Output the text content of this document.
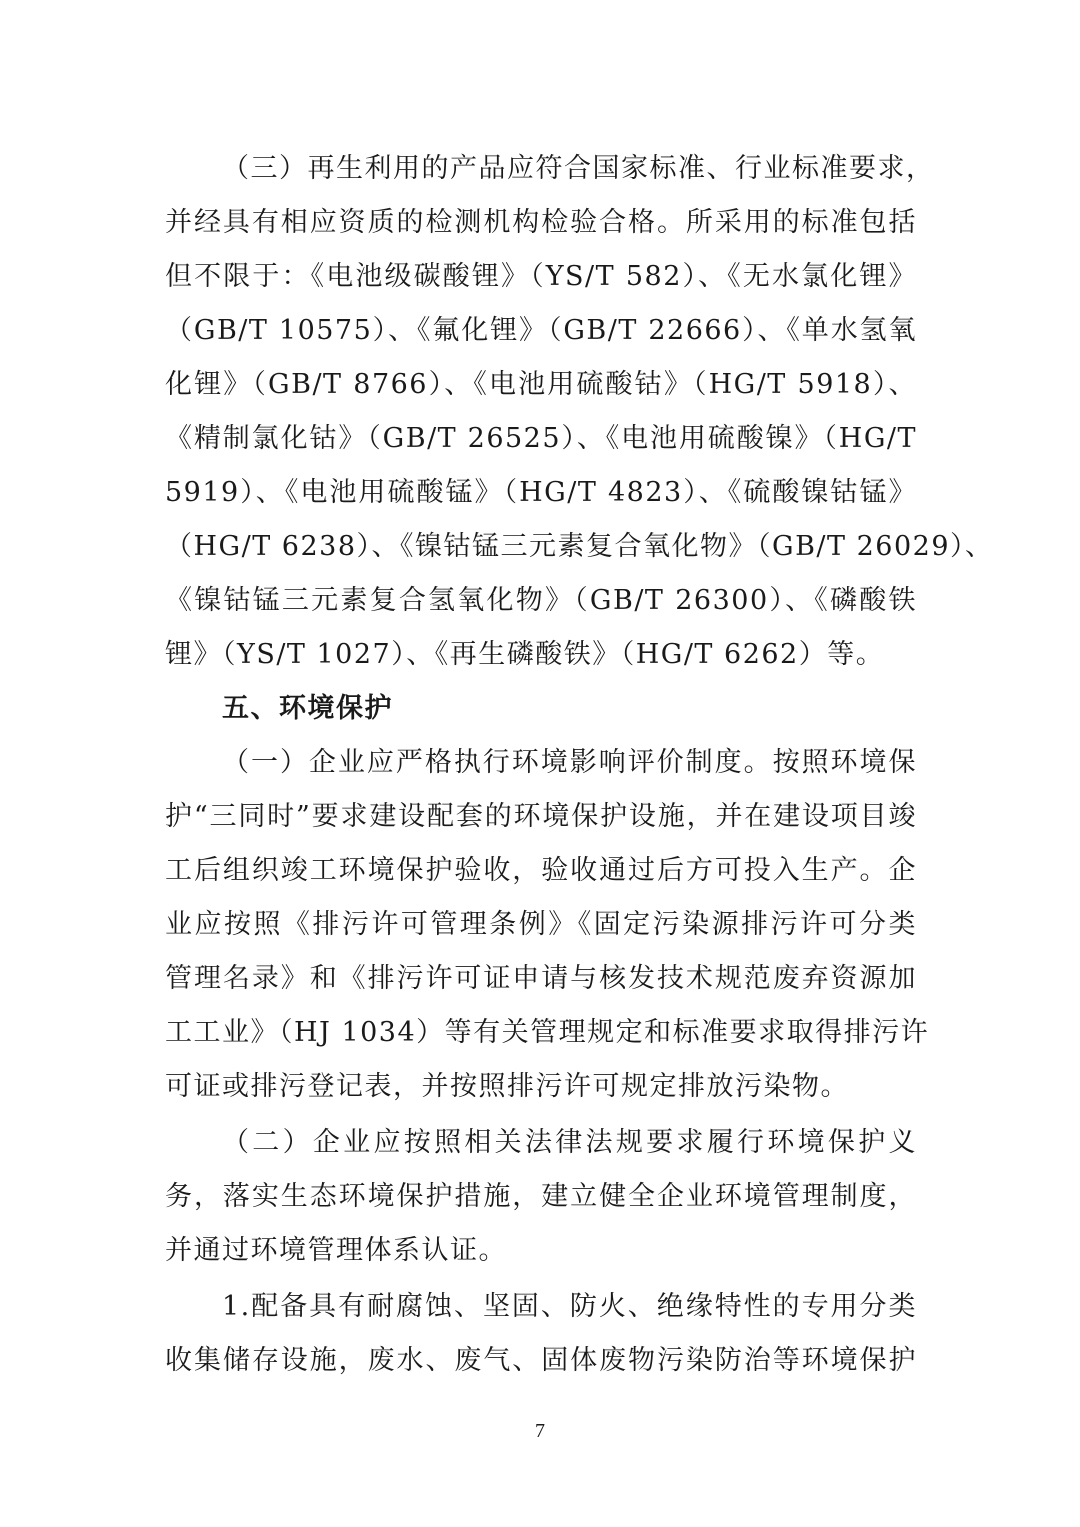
（三）再生利用的产品应符合国家标准、行业标准要求，
并经具有相应资质的检测机构检验合格。所采用的标准包括
但不限于：《电池级碳酸锂》（YS/T 582）、《无水氯化锂》
（GB/T 10575）、《氟化锂》（GB/T 22666）、《单水氢氧
化锂》（GB/T 8766）、《电池用硫酸钴》（HG/T 5918）、
《精制氯化钴》（GB/T 26525）、《电池用硫酸镍》（HG/T
5919）、《电池用硫酸锰》（HG/T 4823）、《硫酸镍钴锰》
（HG/T 6238）、《镍钴锰三元素复合氧化物》（GB/T 26029）、
《镍钴锰三元素复合氢氧化物》（GB/T 26300）、《磷酸铁
锂》（YS/T 1027）、《再生磷酸铁》（HG/T 6262）等。
五、环境保护
（一）企业应严格执行环境影响评价制度。按照环境保
护“三同时”要求建设配套的环境保护设施，并在建设项目竣
工后组织竣工环境保护验收，验收通过后方可投入生产。企
业应按照《排污许可管理条例》《固定污染源排污许可分类
管理名录》和《排污许可证申请与核发技术规范废弃资源加
工工业》（HJ 1034）等有关管理规定和标准要求取得排污许
可证或排污登记表，并按照排污许可规定排放污染物。
（二）企业应按照相关法律法规要求履行环境保护义
务，落实生态环境保护措施，建立健全企业环境管理制度，
并通过环境管理体系认证。
1.配备具有耐腐蚀、坚固、防火、绝缘特性的专用分类
收集储存设施，废水、废气、固体废物污染防治等环境保护
7
